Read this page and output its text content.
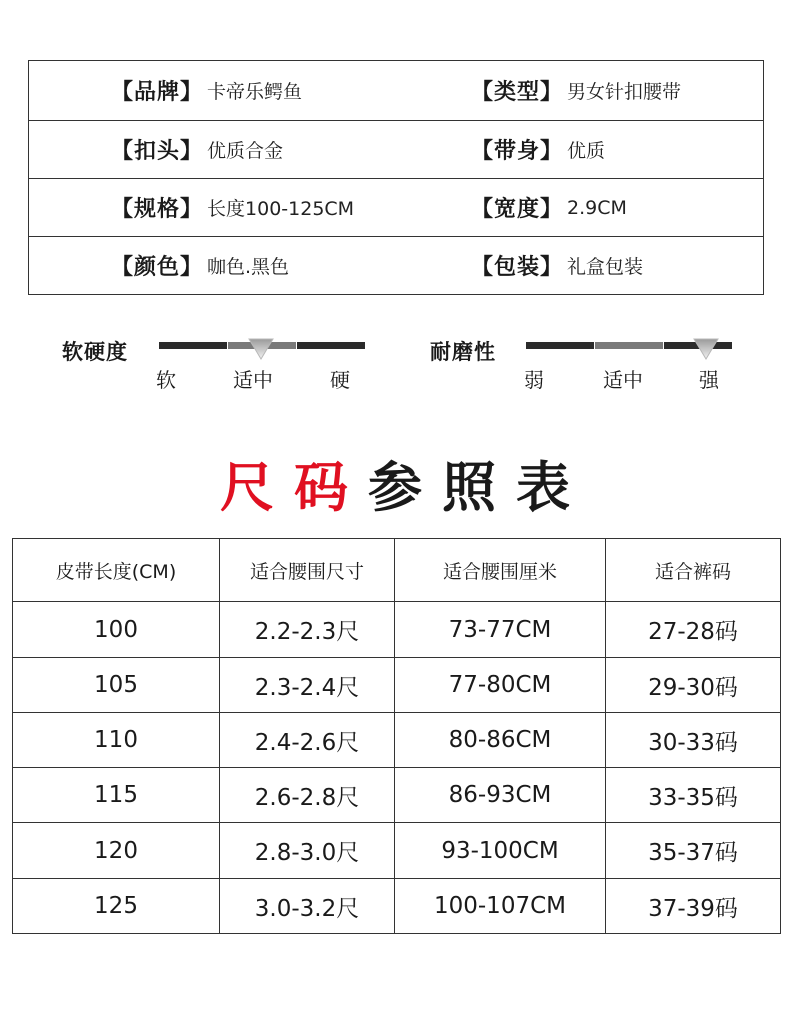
【品牌】 卡帝乐鳄鱼	【类型】 男女针扣腰带
【扣头】 优质合金	【带身】 优质
【规格】 长度100-125CM	【宽度】 2.9CM
【颜色】 咖色.黑色	【包装】 礼盒包装
软硬度
软	适中	硬
耐磨性
弱	适中	强
尺码参照表
皮带长度(CM)	适合腰围尺寸	适合腰围厘米	适合裤码
100	2.2-2.3尺	73-77CM	27-28码
105	2.3-2.4尺	77-80CM	29-30码
110	2.4-2.6尺	80-86CM	30-33码
115	2.6-2.8尺	86-93CM	33-35码
120	2.8-3.0尺	93-100CM	35-37码
125	3.0-3.2尺	100-107CM	37-39码
